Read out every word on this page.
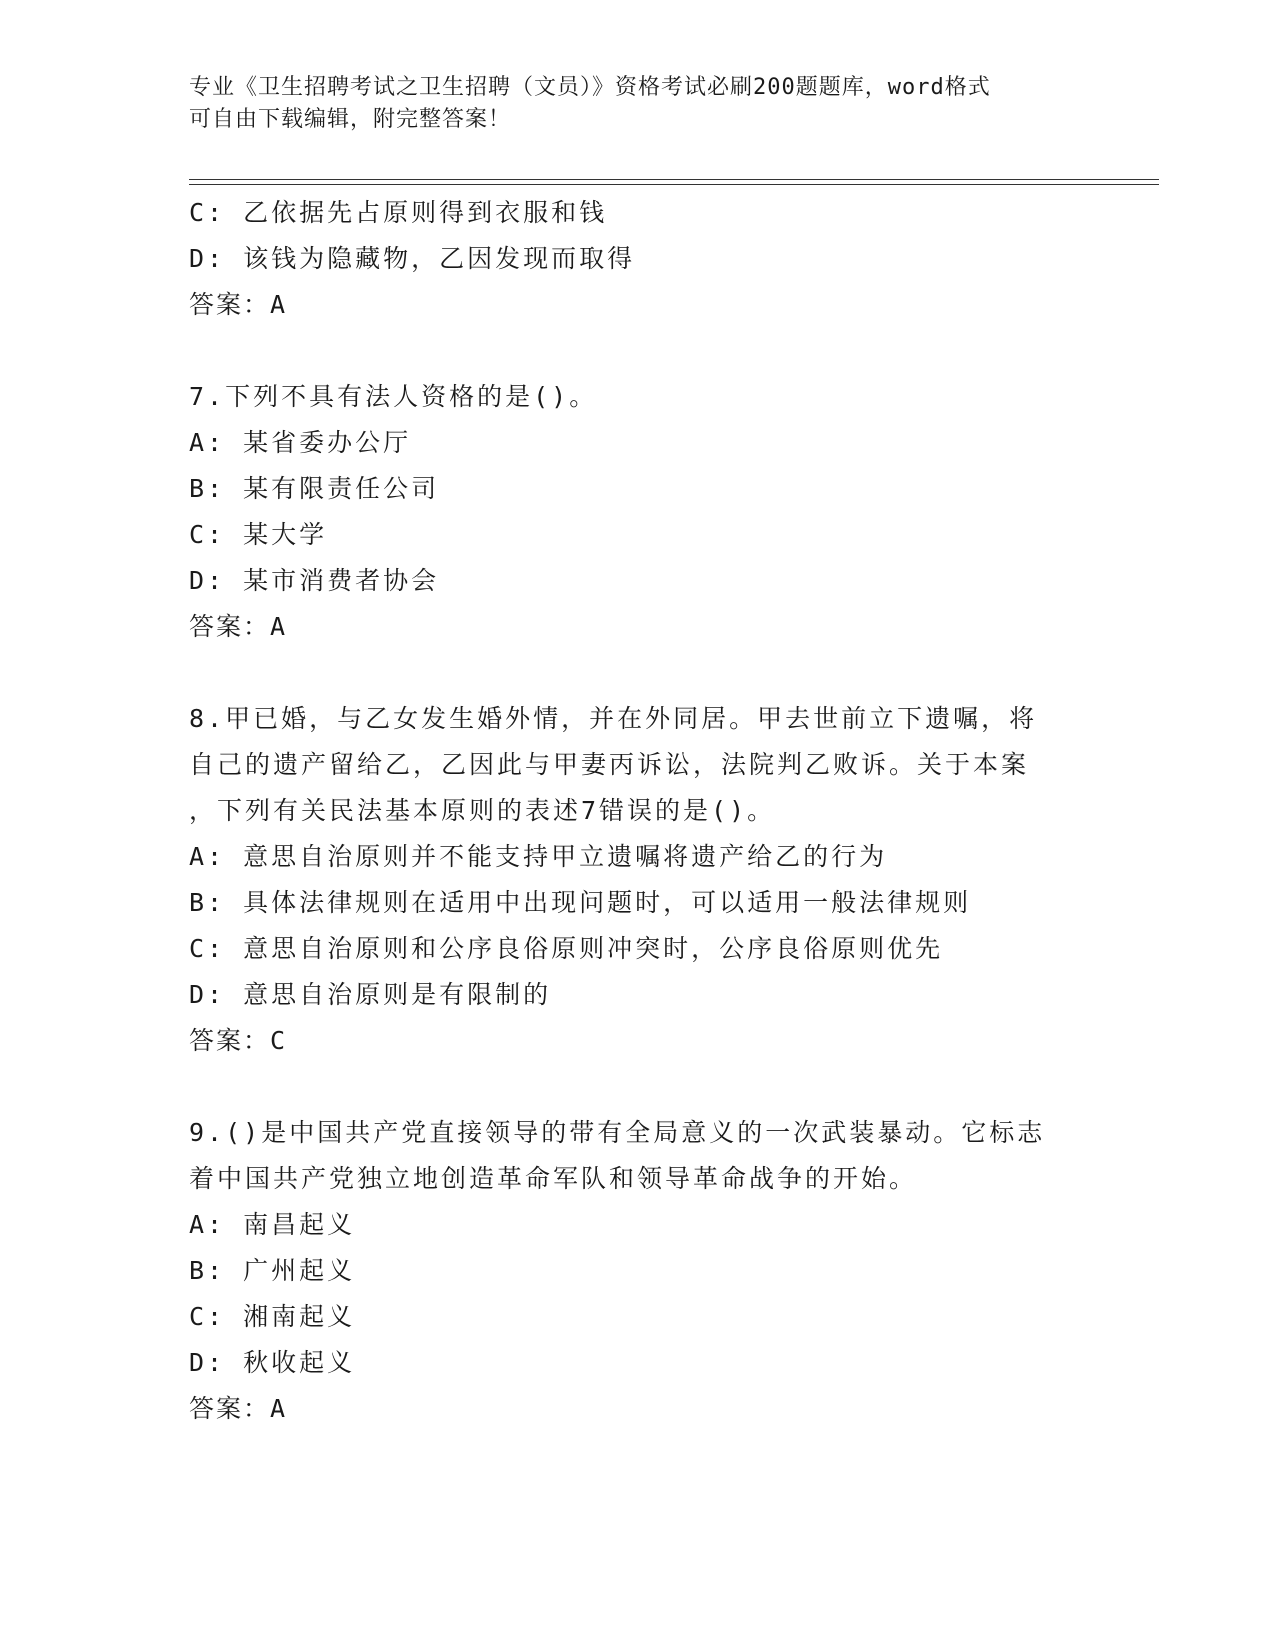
专业《卫生招聘考试之卫生招聘（文员）》资格考试必刷200题题库，word格式
可自由下载编辑，附完整答案！
C: 乙依据先占原则得到衣服和钱
D: 该钱为隐藏物，乙因发现而取得
答案：A
7.下列不具有法人资格的是()。
A: 某省委办公厅
B: 某有限责任公司
C: 某大学
D: 某市消费者协会
答案：A
8.甲已婚，与乙女发生婚外情，并在外同居。甲去世前立下遗嘱，将
自己的遗产留给乙，乙因此与甲妻丙诉讼，法院判乙败诉。关于本案
，下列有关民法基本原则的表述7错误的是()。
A: 意思自治原则并不能支持甲立遗嘱将遗产给乙的行为
B: 具体法律规则在适用中出现问题时，可以适用一般法律规则
C: 意思自治原则和公序良俗原则冲突时，公序良俗原则优先
D: 意思自治原则是有限制的
答案：C
9.()是中国共产党直接领导的带有全局意义的一次武装暴动。它标志
着中国共产党独立地创造革命军队和领导革命战争的开始。
A: 南昌起义
B: 广州起义
C: 湘南起义
D: 秋收起义
答案：A
